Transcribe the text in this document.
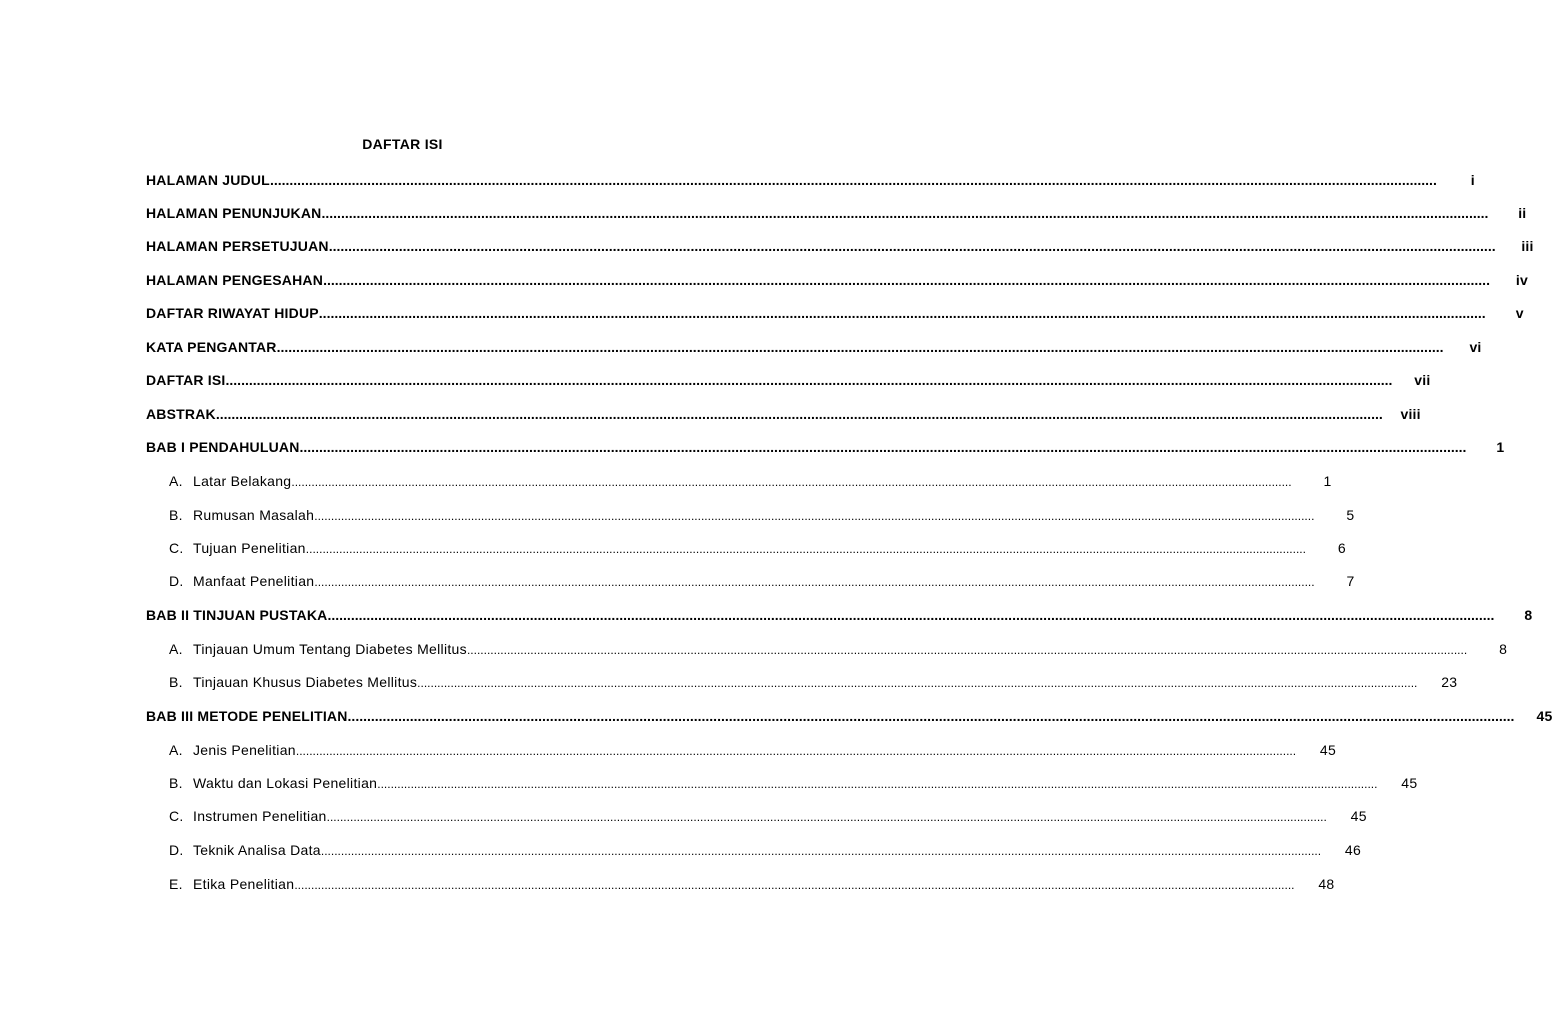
DAFTAR ISI
HALAMAN JUDUL ............................................................................................................................................................................................................................................................................................................	i
HALAMAN PENUNJUKAN ............................................................................................................................................................................................................................................................................................................	ii
HALAMAN PERSETUJUAN ............................................................................................................................................................................................................................................................................................................	iii
HALAMAN PENGESAHAN ............................................................................................................................................................................................................................................................................................................	iv
DAFTAR RIWAYAT HIDUP ............................................................................................................................................................................................................................................................................................................	v
KATA PENGANTAR ............................................................................................................................................................................................................................................................................................................	vi
DAFTAR ISI ............................................................................................................................................................................................................................................................................................................	vii
ABSTRAK ............................................................................................................................................................................................................................................................................................................	viii
BAB I PENDAHULUAN ............................................................................................................................................................................................................................................................................................................	1
A. Latar Belakang ............................................................................................................................................................................................................................................................................................................	1
B. Rumusan Masalah ............................................................................................................................................................................................................................................................................................................	5
C. Tujuan Penelitian ............................................................................................................................................................................................................................................................................................................	6
D. Manfaat Penelitian ............................................................................................................................................................................................................................................................................................................	7
BAB II TINJUAN PUSTAKA ............................................................................................................................................................................................................................................................................................................	8
A. Tinjauan Umum Tentang Diabetes Mellitus ............................................................................................................................................................................................................................................................................................................	8
B. Tinjauan Khusus Diabetes Mellitus ............................................................................................................................................................................................................................................................................................................	23
BAB III METODE PENELITIAN ............................................................................................................................................................................................................................................................................................................	45
A. Jenis Penelitian ............................................................................................................................................................................................................................................................................................................	45
B. Waktu dan Lokasi Penelitian ............................................................................................................................................................................................................................................................................................................	45
C. Instrumen Penelitian ............................................................................................................................................................................................................................................................................................................	45
D. Teknik Analisa Data ............................................................................................................................................................................................................................................................................................................	46
E. Etika Penelitian ............................................................................................................................................................................................................................................................................................................	48
